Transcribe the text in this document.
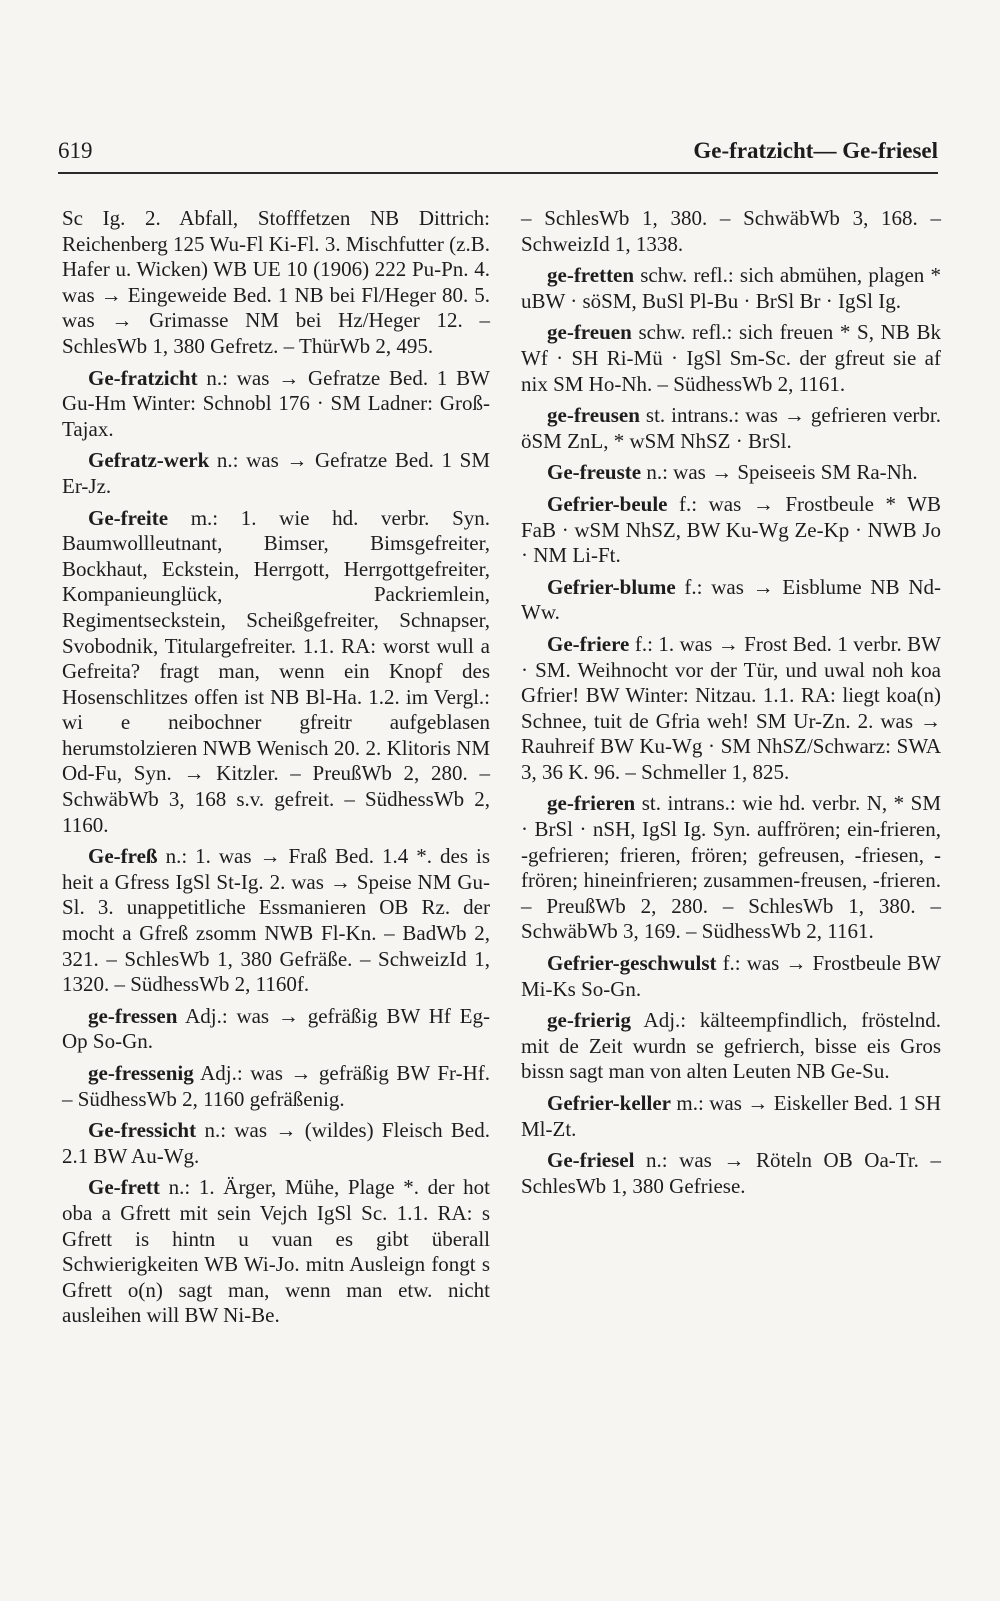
619	Ge-fratzicht— Ge-friesel

Sc Ig. 2. Abfall, Stofffetzen NB Dittrich: Reichenberg 125 Wu-Fl Ki-Fl. 3. Mischfutter (z.B. Hafer u. Wicken) WB UE 10 (1906) 222 Pu-Pn. 4. was → Eingeweide Bed. 1 NB bei Fl/Heger 80. 5. was → Grimasse NM bei Hz/Heger 12. – SchlesWb 1, 380 Gefretz. – ThürWb 2, 495.

Ge-fratzicht n.: was → Gefratze Bed. 1 BW Gu-Hm Winter: Schnobl 176 · SM Ladner: Groß-Tajax.

Gefratz-werk n.: was → Gefratze Bed. 1 SM Er-Jz.

Ge-freite m.: 1. wie hd. verbr. Syn. Baumwollleutnant, Bimser, Bimsgefreiter, Bockhaut, Eckstein, Herrgott, Herrgottgefreiter, Kompanieunglück, Packriemlein, Regimentseckstein, Scheißgefreiter, Schnapser, Svobodnik, Titulargefreiter. 1.1. RA: worst wull a Gefreita? fragt man, wenn ein Knopf des Hosenschlitzes offen ist NB Bl-Ha. 1.2. im Vergl.: wi e neibochner gfreitr aufgeblasen herumstolzieren NWB Wenisch 20. 2. Klitoris NM Od-Fu, Syn. → Kitzler. – PreußWb 2, 280. – SchwäbWb 3, 168 s.v. gefreit. – SüdhessWb 2, 1160.

Ge-freß n.: 1. was → Fraß Bed. 1.4 *. des is heit a Gfress IgSl St-Ig. 2. was → Speise NM Gu-Sl. 3. unappetitliche Essmanieren OB Rz. der mocht a Gfreß zsomm NWB Fl-Kn. – BadWb 2, 321. – SchlesWb 1, 380 Gefräße. – SchweizId 1, 1320. – SüdhessWb 2, 1160f.

ge-fressen Adj.: was → gefräßig BW Hf Eg-Op So-Gn.

ge-fressenig Adj.: was → gefräßig BW Fr-Hf. – SüdhessWb 2, 1160 gefräßenig.

Ge-fressicht n.: was → (wildes) Fleisch Bed. 2.1 BW Au-Wg.

Ge-frett n.: 1. Ärger, Mühe, Plage *. der hot oba a Gfrett mit sein Vejch IgSl Sc. 1.1. RA: s Gfrett is hintn u vuan es gibt überall Schwierigkeiten WB Wi-Jo. mitn Ausleign fongt s Gfrett o(n) sagt man, wenn man etw. nicht ausleihen will BW Ni-Be.

– SchlesWb 1, 380. – SchwäbWb 3, 168. – SchweizId 1, 1338.

ge-fretten schw. refl.: sich abmühen, plagen * uBW · söSM, BuSl Pl-Bu · BrSl Br · IgSl Ig.

ge-freuen schw. refl.: sich freuen * S, NB Bk Wf · SH Ri-Mü · IgSl Sm-Sc. der gfreut sie af nix SM Ho-Nh. – SüdhessWb 2, 1161.

ge-freusen st. intrans.: was → gefrieren verbr. öSM ZnL, * wSM NhSZ · BrSl.

Ge-freuste n.: was → Speiseeis SM Ra-Nh.

Gefrier-beule f.: was → Frostbeule * WB FaB · wSM NhSZ, BW Ku-Wg Ze-Kp · NWB Jo · NM Li-Ft.

Gefrier-blume f.: was → Eisblume NB Nd-Ww.

Ge-friere f.: 1. was → Frost Bed. 1 verbr. BW · SM. Weihnocht vor der Tür, und uwal noh koa Gfrier! BW Winter: Nitzau. 1.1. RA: liegt koa(n) Schnee, tuit de Gfria weh! SM Ur-Zn. 2. was → Rauhreif BW Ku-Wg · SM NhSZ/Schwarz: SWA 3, 36 K. 96. – Schmeller 1, 825.

ge-frieren st. intrans.: wie hd. verbr. N, * SM · BrSl · nSH, IgSl Ig. Syn. auffrören; ein-frieren, -gefrieren; frieren, frören; gefreusen, -friesen, -frören; hineinfrieren; zusammen-freusen, -frieren. – PreußWb 2, 280. – SchlesWb 1, 380. – SchwäbWb 3, 169. – SüdhessWb 2, 1161.

Gefrier-geschwulst f.: was → Frostbeule BW Mi-Ks So-Gn.

ge-frierig Adj.: kälteempfindlich, fröstelnd. mit de Zeit wurdn se gefrierch, bisse eis Gros bissn sagt man von alten Leuten NB Ge-Su.

Gefrier-keller m.: was → Eiskeller Bed. 1 SH Ml-Zt.

Ge-friesel n.: was → Röteln OB Oa-Tr. – SchlesWb 1, 380 Gefriese.
